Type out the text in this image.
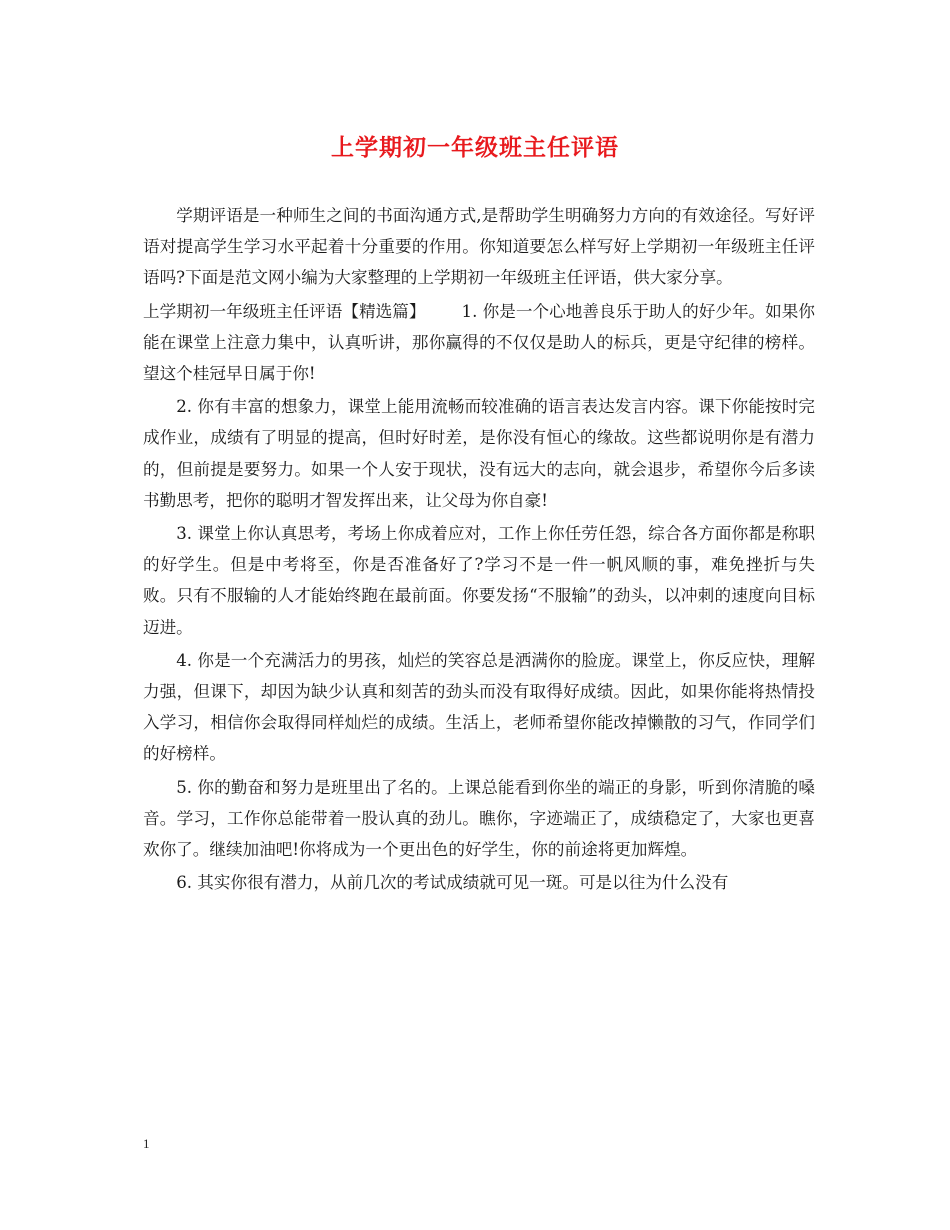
上学期初一年级班主任评语

学期评语是一种师生之间的书面沟通方式,是帮助学生明确努力方向的有效途径。写好评语对提高学生学习水平起着十分重要的作用。你知道要怎么样写好上学期初一年级班主任评语吗?下面是范文网小编为大家整理的上学期初一年级班主任评语，供大家分享。

上学期初一年级班主任评语【精选篇】 1. 你是一个心地善良乐于助人的好少年。如果你能在课堂上注意力集中，认真听讲，那你赢得的不仅仅是助人的标兵，更是守纪律的榜样。望这个桂冠早日属于你!

2. 你有丰富的想象力，课堂上能用流畅而较准确的语言表达发言内容。课下你能按时完成作业，成绩有了明显的提高，但时好时差，是你没有恒心的缘故。这些都说明你是有潜力的，但前提是要努力。如果一个人安于现状，没有远大的志向，就会退步，希望你今后多读书勤思考，把你的聪明才智发挥出来，让父母为你自豪!

3. 课堂上你认真思考，考场上你成着应对，工作上你任劳任怨，综合各方面你都是称职的好学生。但是中考将至，你是否准备好了?学习不是一件一帆风顺的事，难免挫折与失败。只有不服输的人才能始终跑在最前面。你要发扬“不服输”的劲头，以冲刺的速度向目标迈进。

4. 你是一个充满活力的男孩，灿烂的笑容总是洒满你的脸庞。课堂上，你反应快，理解力强，但课下，却因为缺少认真和刻苦的劲头而没有取得好成绩。因此，如果你能将热情投入学习，相信你会取得同样灿烂的成绩。生活上，老师希望你能改掉懒散的习气，作同学们的好榜样。

5. 你的勤奋和努力是班里出了名的。上课总能看到你坐的端正的身影，听到你清脆的嗓音。学习，工作你总能带着一股认真的劲儿。瞧你，字迹端正了，成绩稳定了，大家也更喜欢你了。继续加油吧!你将成为一个更出色的好学生，你的前途将更加辉煌。

6. 其实你很有潜力，从前几次的考试成绩就可见一斑。可是以往为什么没有

1
